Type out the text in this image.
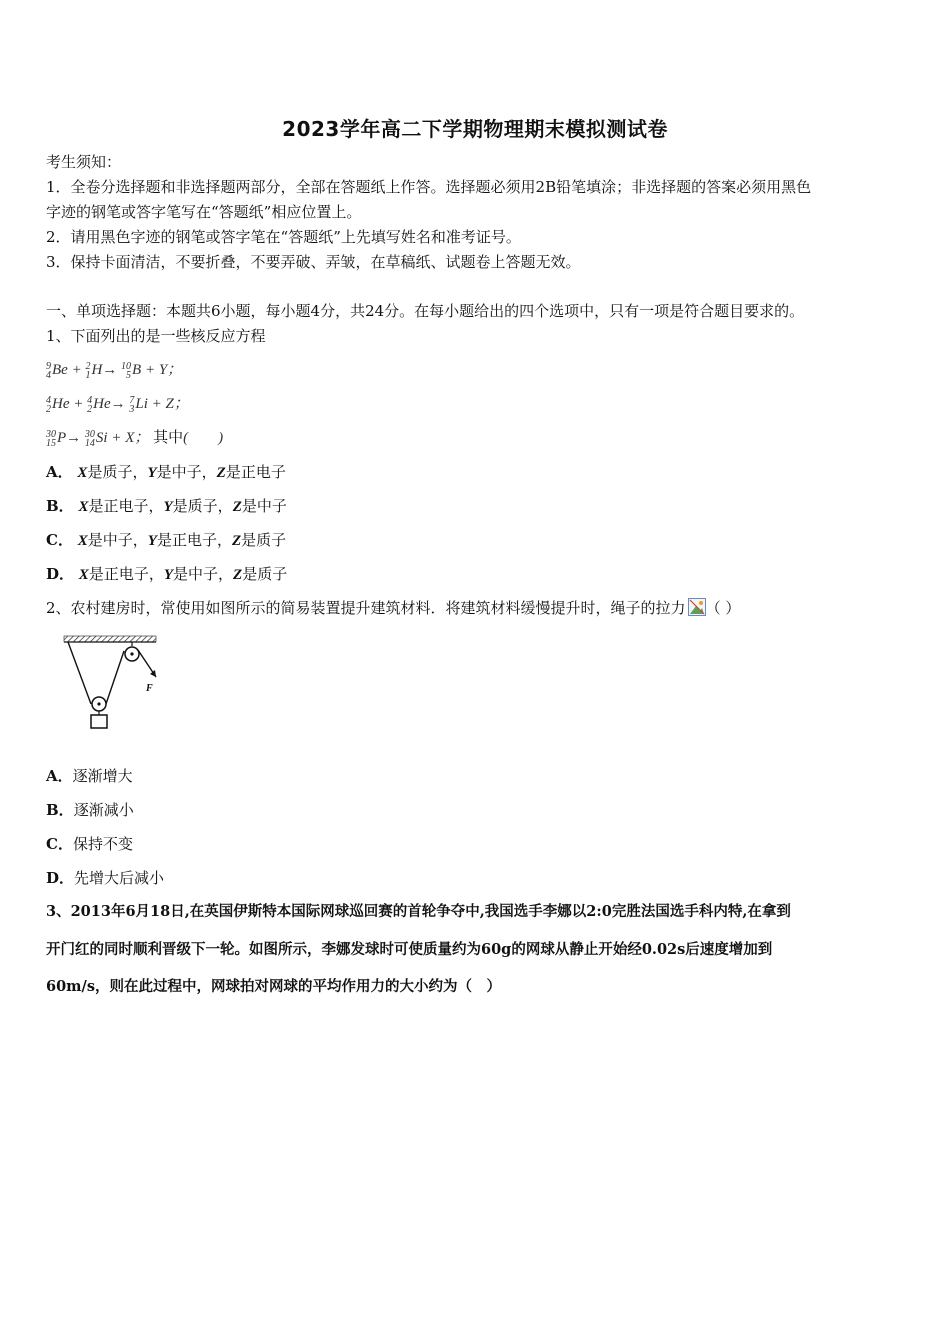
2023学年高二下学期物理期末模拟测试卷
考生须知：
1．全卷分选择题和非选择题两部分，全部在答题纸上作答。选择题必须用2B铅笔填涂；非选择题的答案必须用黑色
字迹的钢笔或答字笔写在“答题纸”相应位置上。
2．请用黑色字迹的钢笔或答字笔在“答题纸”上先填写姓名和准考证号。
3．保持卡面清洁，不要折叠，不要弄破、弄皱，在草稿纸、试题卷上答题无效。
一、单项选择题：本题共6小题，每小题4分，共24分。在每小题给出的四个选项中，只有一项是符合题目要求的。
1、下面列出的是一些核反应方程
9
4 Be + 2
1 H→ 10
5 B + Y；
4
2 He + 4
2 He→ 7
3 Li + Z；
30
15 P→ 30
14 Si + X； 其中(　　)
A． X是质子，Y是中子，Z是正电子
B． X是正电子，Y是质子，Z是中子
C． X是中子，Y是正电子，Z是质子
D． X是正电子，Y是中子，Z是质子
2、农村建房时，常使用如图所示的简易装置提升建筑材料．将建筑材料缓慢提升时，绳子的拉力 （ ）
F
A．逐渐增大
B．逐渐减小
C．保持不变
D．先增大后减小
3、2013年6月18日,在英国伊斯特本国际网球巡回赛的首轮争夺中,我国选手李娜以2:0完胜法国选手科内特,在拿到
开门红的同时顺利晋级下一轮。如图所示，李娜发球时可使质量约为60g的网球从静止开始经0.02s后速度增加到
60m/s，则在此过程中，网球拍对网球的平均作用力的大小约为（　）
